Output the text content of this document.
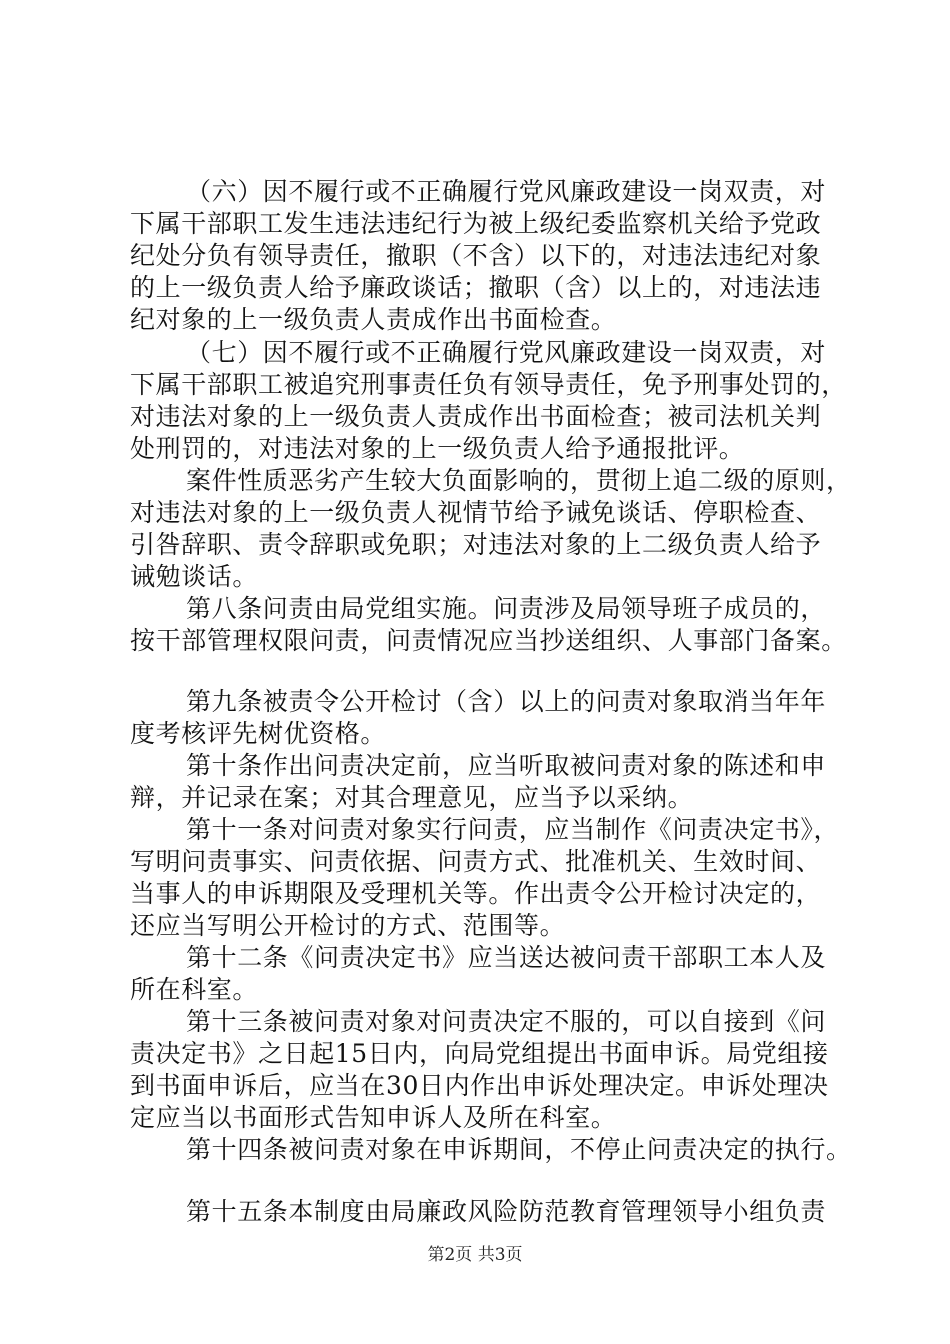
（六）因不履行或不正确履行党风廉政建设一岗双责，对
下属干部职工发生违法违纪行为被上级纪委监察机关给予党政
纪处分负有领导责任，撤职（不含）以下的，对违法违纪对象
的上一级负责人给予廉政谈话；撤职（含）以上的，对违法违
纪对象的上一级负责人责成作出书面检查。
（七）因不履行或不正确履行党风廉政建设一岗双责，对
下属干部职工被追究刑事责任负有领导责任，免予刑事处罚的，
对违法对象的上一级负责人责成作出书面检查；被司法机关判
处刑罚的，对违法对象的上一级负责人给予通报批评。
案件性质恶劣产生较大负面影响的，贯彻上追二级的原则，
对违法对象的上一级负责人视情节给予诫免谈话、停职检查、
引咎辞职、责令辞职或免职；对违法对象的上二级负责人给予
诫勉谈话。
第八条问责由局党组实施。问责涉及局领导班子成员的，
按干部管理权限问责，问责情况应当抄送组织、人事部门备案。
第九条被责令公开检讨（含）以上的问责对象取消当年年
度考核评先树优资格。
第十条作出问责决定前，应当听取被问责对象的陈述和申
辩，并记录在案；对其合理意见，应当予以采纳。
第十一条对问责对象实行问责，应当制作《问责决定书》，
写明问责事实、问责依据、问责方式、批准机关、生效时间、
当事人的申诉期限及受理机关等。作出责令公开检讨决定的，
还应当写明公开检讨的方式、范围等。
第十二条《问责决定书》应当送达被问责干部职工本人及
所在科室。
第十三条被问责对象对问责决定不服的，可以自接到《问
责决定书》之日起15日内，向局党组提出书面申诉。局党组接
到书面申诉后，应当在30日内作出申诉处理决定。申诉处理决
定应当以书面形式告知申诉人及所在科室。
第十四条被问责对象在申诉期间，不停止问责决定的执行。
第十五条本制度由局廉政风险防范教育管理领导小组负责
第2页 共3页
